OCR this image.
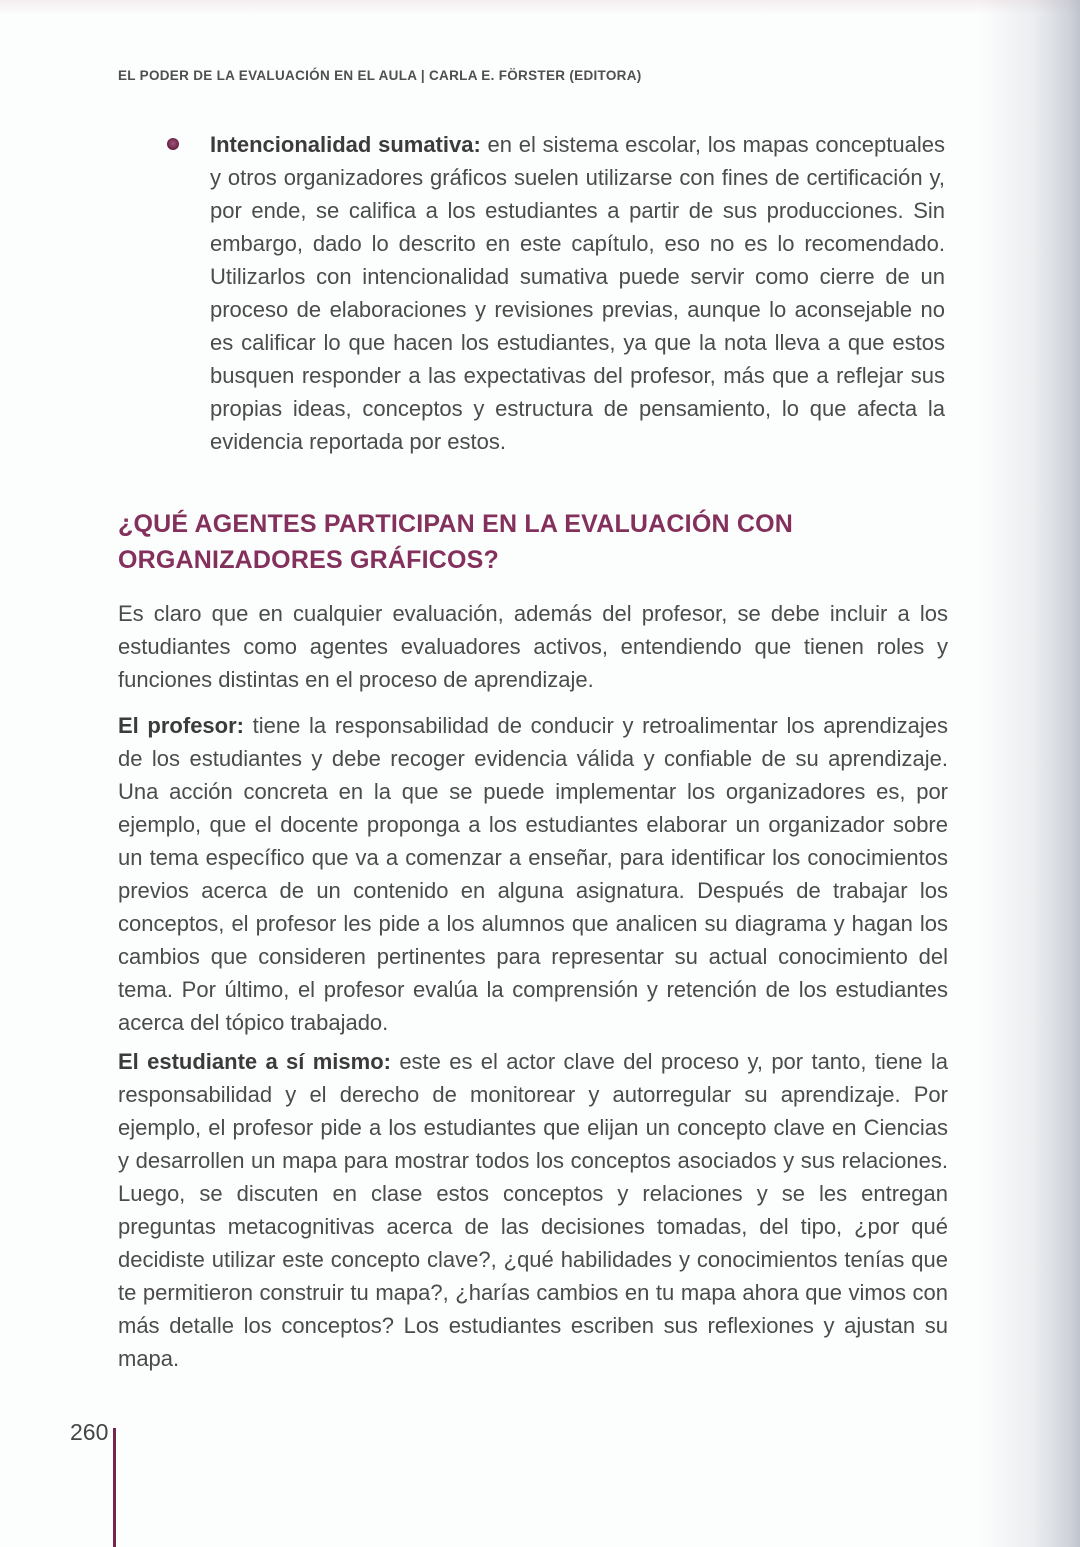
EL PODER DE LA EVALUACIÓN EN EL AULA | CARLA E. FÖRSTER (EDITORA)

Intencionalidad sumativa: en el sistema escolar, los mapas conceptuales y otros organizadores gráficos suelen utilizarse con fines de certificación y, por ende, se califica a los estudiantes a partir de sus producciones. Sin embargo, dado lo descrito en este capítulo, eso no es lo recomendado. Utilizarlos con intencionalidad sumativa puede servir como cierre de un proceso de elaboraciones y revisiones previas, aunque lo aconsejable no es calificar lo que hacen los estudiantes, ya que la nota lleva a que estos busquen responder a las expectativas del profesor, más que a reflejar sus propias ideas, conceptos y estructura de pensamiento, lo que afecta la evidencia reportada por estos.

¿QUÉ AGENTES PARTICIPAN EN LA EVALUACIÓN CON ORGANIZADORES GRÁFICOS?

Es claro que en cualquier evaluación, además del profesor, se debe incluir a los estudiantes como agentes evaluadores activos, entendiendo que tienen roles y funciones distintas en el proceso de aprendizaje.

El profesor: tiene la responsabilidad de conducir y retroalimentar los aprendizajes de los estudiantes y debe recoger evidencia válida y confiable de su aprendizaje. Una acción concreta en la que se puede implementar los organizadores es, por ejemplo, que el docente proponga a los estudiantes elaborar un organizador sobre un tema específico que va a comenzar a enseñar, para identificar los conocimientos previos acerca de un contenido en alguna asignatura. Después de trabajar los conceptos, el profesor les pide a los alumnos que analicen su diagrama y hagan los cambios que consideren pertinentes para representar su actual conocimiento del tema. Por último, el profesor evalúa la comprensión y retención de los estudiantes acerca del tópico trabajado.

El estudiante a sí mismo: este es el actor clave del proceso y, por tanto, tiene la responsabilidad y el derecho de monitorear y autorregular su aprendizaje. Por ejemplo, el profesor pide a los estudiantes que elijan un concepto clave en Ciencias y desarrollen un mapa para mostrar todos los conceptos asociados y sus relaciones. Luego, se discuten en clase estos conceptos y relaciones y se les entregan preguntas metacognitivas acerca de las decisiones tomadas, del tipo, ¿por qué decidiste utilizar este concepto clave?, ¿qué habilidades y conocimientos tenías que te permitieron construir tu mapa?, ¿harías cambios en tu mapa ahora que vimos con más detalle los conceptos? Los estudiantes escriben sus reflexiones y ajustan su mapa.

260
